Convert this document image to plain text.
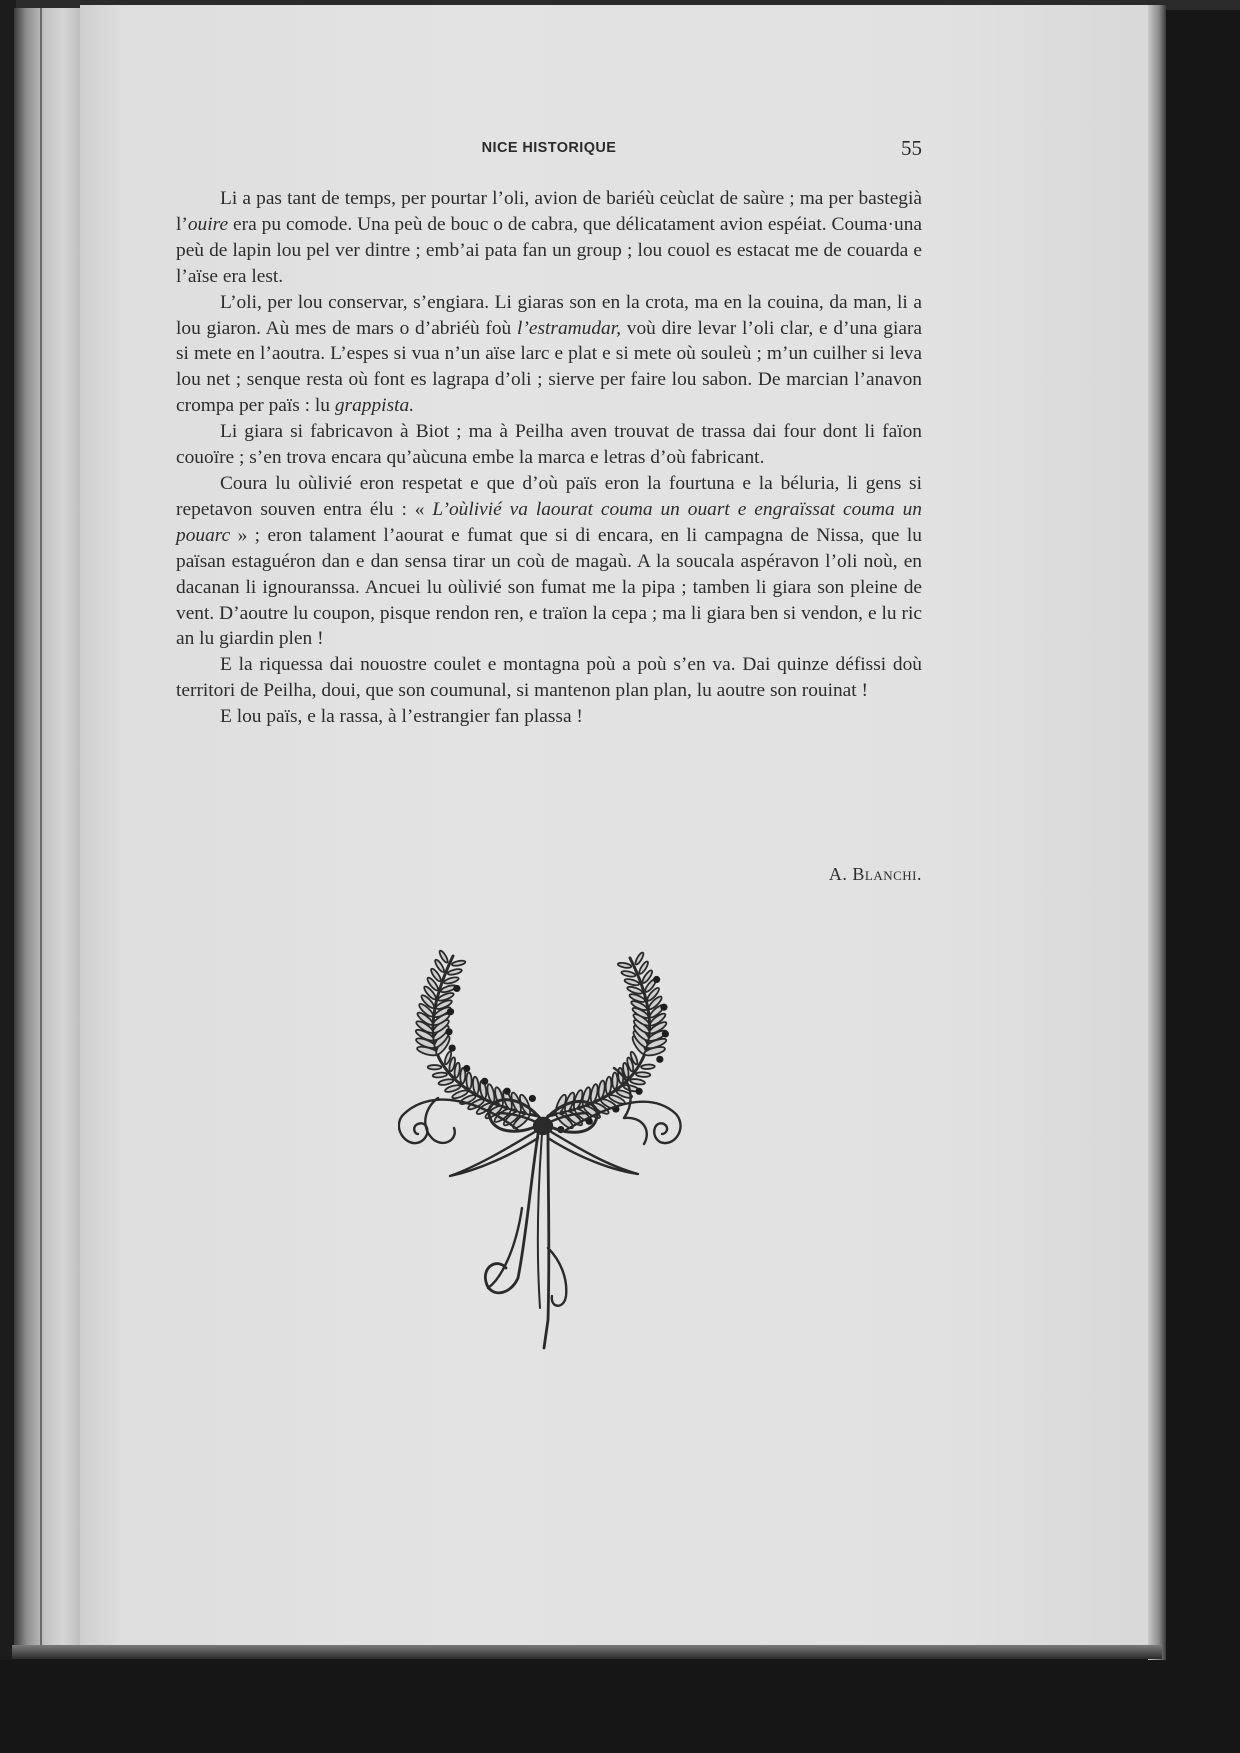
NICE HISTORIQUE	55

Li a pas tant de temps, per pourtar l’oli, avion de bariéù ceùclat de saùre ; ma per bastegià l’ouire era pu comode. Una peù de bouc o de cabra, que délicatament avion espéiat. Couma·una peù de lapin lou pel ver dintre ; emb’ai pata fan un group ; lou couol es estacat me de couarda e l’aïse era lest.

L’oli, per lou conservar, s’engiara. Li giaras son en la crota, ma en la couina, da man, li a lou giaron. Aù mes de mars o d’abriéù foù l’estramudar, voù dire levar l’oli clar, e d’una giara si mete en l’aoutra. L’espes si vua n’un aïse larc e plat e si mete où souleù ; m’un cuilher si leva lou net ; senque resta où font es lagrapa d’oli ; sierve per faire lou sabon. De marcian l’anavon crompa per païs : lu grappista.

Li giara si fabricavon à Biot ; ma à Peilha aven trouvat de trassa dai four dont li faïon couoïre ; s’en trova encara qu’aùcuna embe la marca e letras d’où fabricant.

Coura lu oùlivié eron respetat e que d’où païs eron la fourtuna e la béluria, li gens si repetavon souven entra élu : « L’oùlivié va laourat couma un ouart e engraïssat couma un pouarc » ; eron talament l’aourat e fumat que si di encara, en li campagna de Nissa, que lu païsan estaguéron dan e dan sensa tirar un coù de magaù. A la soucala aspéravon l’oli noù, en dacanan li ignouranssa. Ancuei lu oùlivié son fumat me la pipa ; tamben li giara son pleine de vent. D’aoutre lu coupon, pisque rendon ren, e traïon la cepa ; ma li giara ben si vendon, e lu ric an lu giardin plen !

E la riquessa dai nouostre coulet e montagna poù a poù s’en va. Dai quinze défissi doù territori de Peilha, doui, que son coumunal, si mantenon plan plan, lu aoutre son rouinat !

E lou païs, e la rassa, à l’estrangier fan plassa !

A. Blanchi.
